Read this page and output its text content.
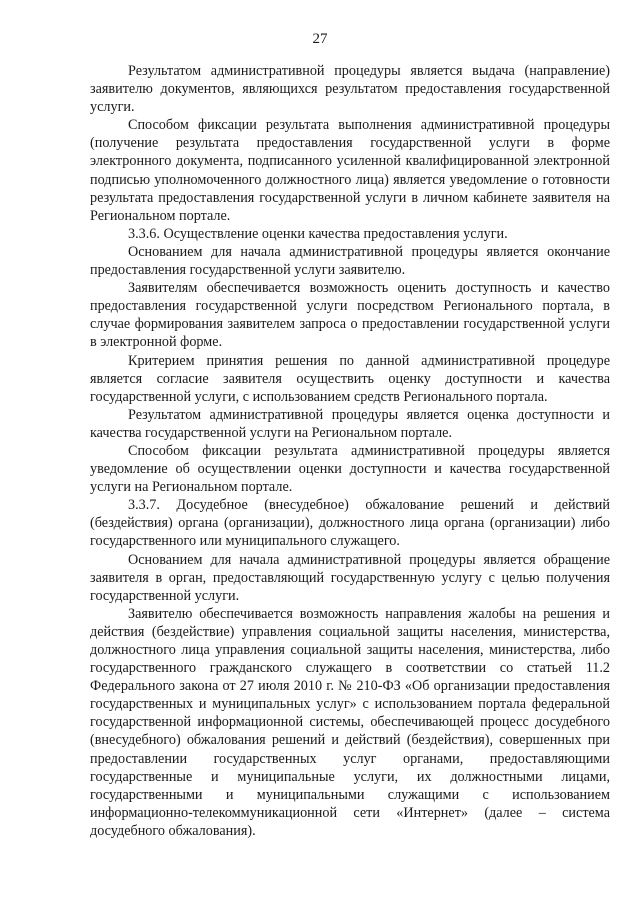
27

Результатом административной процедуры является выдача (направление) заявителю документов, являющихся результатом предоставления государственной услуги.

Способом фиксации результата выполнения административной процедуры (получение результата предоставления государственной услуги в форме электронного документа, подписанного усиленной квалифицированной электронной подписью уполномоченного должностного лица) является уведомление о готовности результата предоставления государственной услуги в личном кабинете заявителя на Региональном портале.

3.3.6. Осуществление оценки качества предоставления услуги.

Основанием для начала административной процедуры является окончание предоставления государственной услуги заявителю.

Заявителям обеспечивается возможность оценить доступность и качество предоставления государственной услуги посредством Регионального портала, в случае формирования заявителем запроса о предоставлении государственной услуги в электронной форме.

Критерием принятия решения по данной административной процедуре является согласие заявителя осуществить оценку доступности и качества государственной услуги, с использованием средств Регионального портала.

Результатом административной процедуры является оценка доступности и качества государственной услуги на Региональном портале.

Способом фиксации результата административной процедуры является уведомление об осуществлении оценки доступности и качества государственной услуги на Региональном портале.

3.3.7. Досудебное (внесудебное) обжалование решений и действий (бездействия) органа (организации), должностного лица органа (организации) либо государственного или муниципального служащего.

Основанием для начала административной процедуры является обращение заявителя в орган, предоставляющий государственную услугу с целью получения государственной услуги.

Заявителю обеспечивается возможность направления жалобы на решения и действия (бездействие) управления социальной защиты населения, министерства, должностного лица управления социальной защиты населения, министерства, либо государственного гражданского служащего в соответствии со статьей 11.2 Федерального закона от 27 июля 2010 г. № 210-ФЗ «Об организации предоставления государственных и муниципальных услуг» с использованием портала федеральной государственной информационной системы, обеспечивающей процесс досудебного (внесудебного) обжалования решений и действий (бездействия), совершенных при предоставлении государственных услуг органами, предоставляющими государственные и муниципальные услуги, их должностными лицами, государственными и муниципальными служащими с использованием информационно-телекоммуникационной сети «Интернет» (далее – система досудебного обжалования).
